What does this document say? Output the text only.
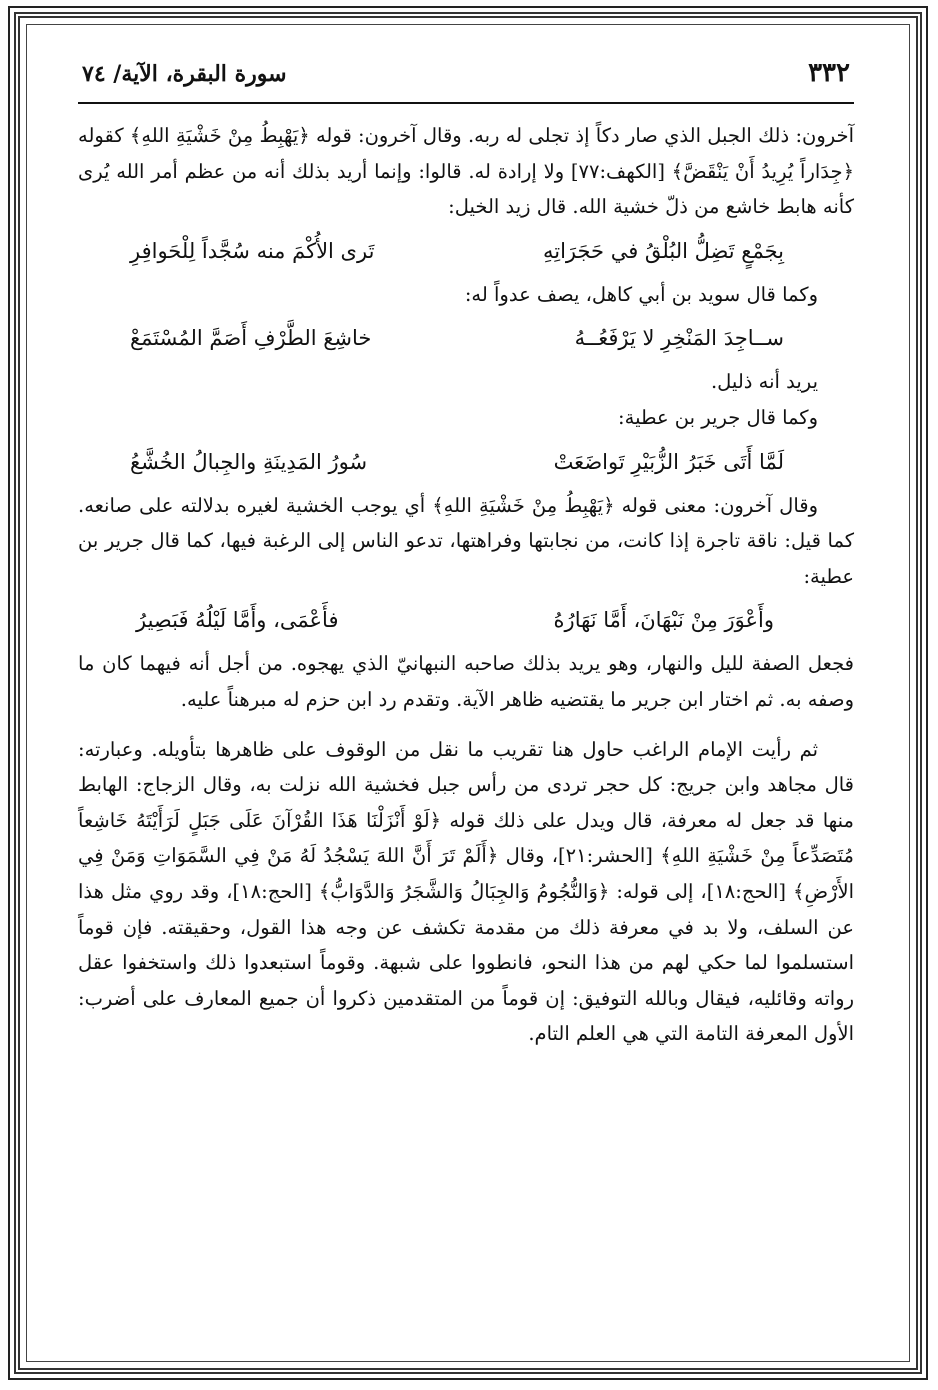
٣٣٢
سورة البقرة، الآية/ ٧٤

آخرون: ذلك الجبل الذي صار دكاً إذ تجلى له ربه. وقال آخرون: قوله ﴿يَهْبِطُ مِنْ خَشْيَةِ اللهِ﴾ كقوله ﴿جِدَاراً يُرِيدُ أَنْ يَنْقَضَّ﴾ [الكهف:٧٧] ولا إرادة له. قالوا: وإنما أريد بذلك أنه من عظم أمر الله يُرى كأنه هابط خاشع من ذلّ خشية الله. قال زيد الخيل:

بِجَمْعٍ تَضِلُّ البُلْقُ في حَجَرَاتِهِ
تَرى الأُكْمَ منه سُجَّداً لِلْحَوافِرِ

وكما قال سويد بن أبي كاهل، يصف عدواً له:

ســاجِدَ المَنْخِرِ لا يَرْفَعُــهُ
خاشِعَ الطَّرْفِ أَصَمَّ المُسْتَمَعْ

يريد أنه ذليل.

وكما قال جرير بن عطية:

لَمَّا أَتَى خَبَرُ الزُّبَيْرِ تَواضَعَتْ
سُورُ المَدِينَةِ والجِبالُ الخُشَّعُ

وقال آخرون: معنى قوله ﴿يَهْبِطُ مِنْ خَشْيَةِ اللهِ﴾ أي يوجب الخشية لغيره بدلالته على صانعه. كما قيل: ناقة تاجرة إذا كانت، من نجابتها وفراهتها، تدعو الناس إلى الرغبة فيها، كما قال جرير بن عطية:

وأَعْوَرَ مِنْ نَبْهَانَ، أَمَّا نَهَارُهُ
فأَعْمَى، وأَمَّا لَيْلُهُ فَبَصِيرُ

فجعل الصفة لليل والنهار، وهو يريد بذلك صاحبه النبهانيّ الذي يهجوه. من أجل أنه فيهما كان ما وصفه به. ثم اختار ابن جرير ما يقتضيه ظاهر الآية. وتقدم رد ابن حزم له مبرهناً عليه.

ثم رأيت الإمام الراغب حاول هنا تقريب ما نقل من الوقوف على ظاهرها بتأويله. وعبارته: قال مجاهد وابن جريج: كل حجر تردى من رأس جبل فخشية الله نزلت به، وقال الزجاج: الهابط منها قد جعل له معرفة، قال ويدل على ذلك قوله ﴿لَوْ أَنْزَلْنَا هَذَا القُرْآنَ عَلَى جَبَلٍ لَرَأَيْتَهُ خَاشِعاً مُتَصَدِّعاً مِنْ خَشْيَةِ اللهِ﴾ [الحشر:٢١]، وقال ﴿أَلَمْ تَرَ أَنَّ اللهَ يَسْجُدُ لَهُ مَنْ فِي السَّمَوَاتِ وَمَنْ فِي الأَرْضِ﴾ [الحج:١٨]، إلى قوله: ﴿وَالنُّجُومُ وَالجِبَالُ وَالشَّجَرُ وَالدَّوَابُّ﴾ [الحج:١٨]، وقد روي مثل هذا عن السلف، ولا بد في معرفة ذلك من مقدمة تكشف عن وجه هذا القول، وحقيقته. فإن قوماً استسلموا لما حكي لهم من هذا النحو، فانطووا على شبهة. وقوماً استبعدوا ذلك واستخفوا عقل رواته وقائليه، فيقال وبالله التوفيق: إن قوماً من المتقدمين ذكروا أن جميع المعارف على أضرب: الأول المعرفة التامة التي هي العلم التام.
